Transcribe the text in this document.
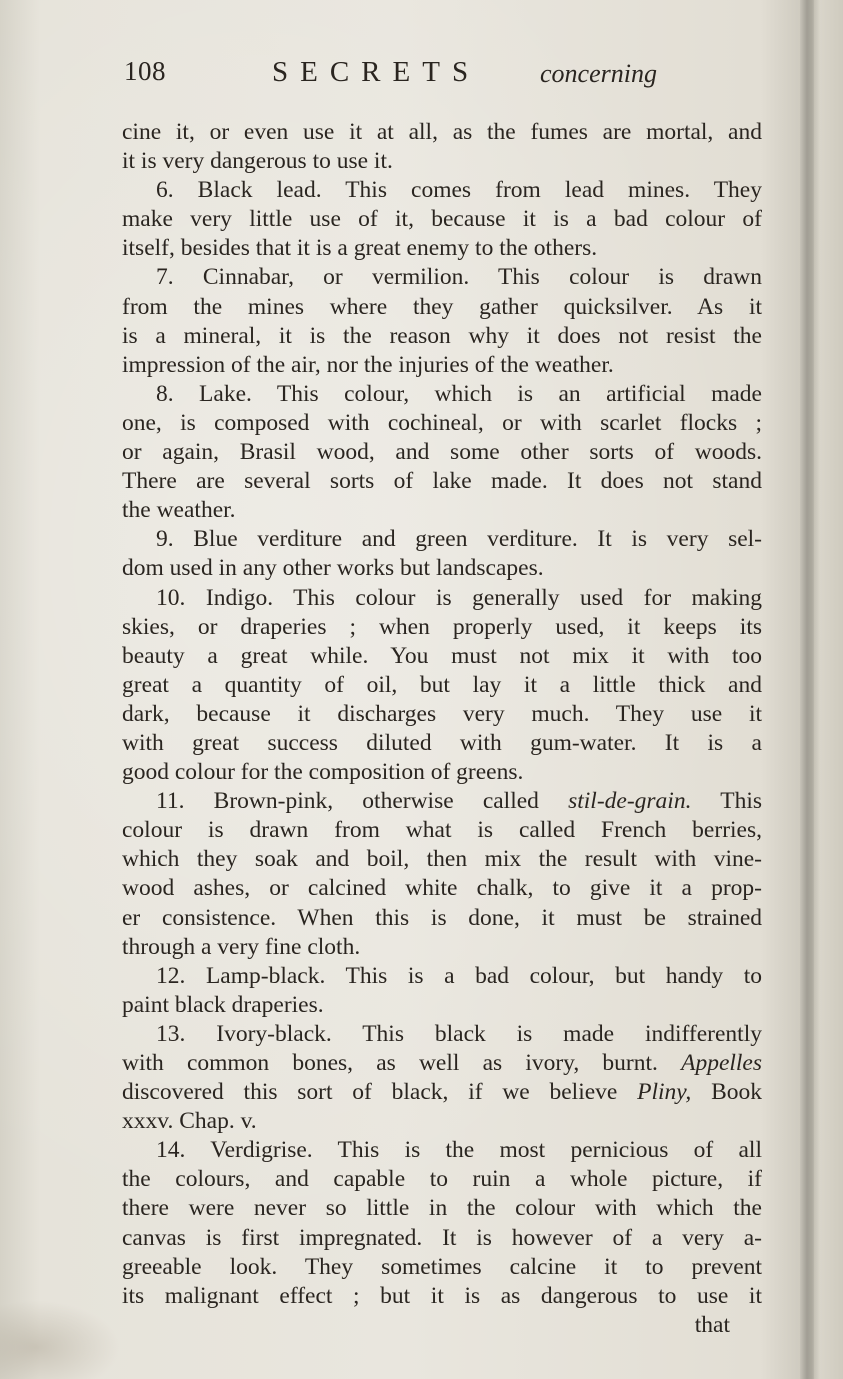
108	SECRETS concerning
cine it, or even use it at all, as the fumes are mortal, and
it is very dangerous to use it.
6. Black lead. This comes from lead mines. They
make very little use of it, because it is a bad colour of
itself, besides that it is a great enemy to the others.
7. Cinnabar, or vermilion. This colour is drawn
from the mines where they gather quicksilver. As it
is a mineral, it is the reason why it does not resist the
impression of the air, nor the injuries of the weather.
8. Lake. This colour, which is an artificial made
one, is composed with cochineal, or with scarlet flocks ;
or again, Brasil wood, and some other sorts of woods.
There are several sorts of lake made. It does not stand
the weather.
9. Blue verditure and green verditure. It is very sel-
dom used in any other works but landscapes.
10. Indigo. This colour is generally used for making
skies, or draperies ; when properly used, it keeps its
beauty a great while. You must not mix it with too
great a quantity of oil, but lay it a little thick and
dark, because it discharges very much. They use it
with great success diluted with gum-water. It is a
good colour for the composition of greens.
11. Brown-pink, otherwise called stil-de-grain. This
colour is drawn from what is called French berries,
which they soak and boil, then mix the result with vine-
wood ashes, or calcined white chalk, to give it a prop-
er consistence. When this is done, it must be strained
through a very fine cloth.
12. Lamp-black. This is a bad colour, but handy to
paint black draperies.
13. Ivory-black. This black is made indifferently
with common bones, as well as ivory, burnt. Appelles
discovered this sort of black, if we believe Pliny, Book
xxxv. Chap. v.
14. Verdigrise. This is the most pernicious of all
the colours, and capable to ruin a whole picture, if
there were never so little in the colour with which the
canvas is first impregnated. It is however of a very a-
greeable look. They sometimes calcine it to prevent
its malignant effect ; but it is as dangerous to use it
that
